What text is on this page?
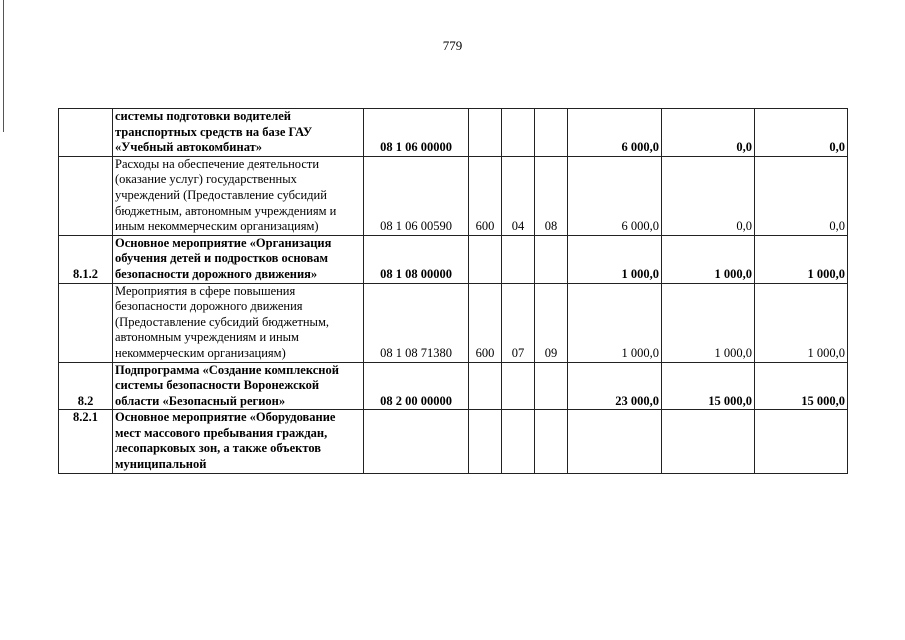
779
	системы подготовки водителей транспортных средств на базе ГАУ «Учебный автокомбинат»	08 1 06 00000				6 000,0	0,0	0,0
	Расходы на обеспечение деятельности (оказание услуг) государственных учреждений (Предоставление субсидий бюджетным, автономным учреждениям и иным некоммерческим организациям)	08 1 06 00590	600	04	08	6 000,0	0,0	0,0
8.1.2	Основное мероприятие «Организация обучения детей и подростков основам безопасности дорожного движения»	08 1 08 00000				1 000,0	1 000,0	1 000,0
	Мероприятия в сфере повышения безопасности дорожного движения (Предоставление субсидий бюджетным, автономным учреждениям и иным некоммерческим организациям)	08 1 08 71380	600	07	09	1 000,0	1 000,0	1 000,0
8.2	Подпрограмма «Создание комплексной системы безопасности Воронежской области «Безопасный регион»	08 2 00 00000				23 000,0	15 000,0	15 000,0
8.2.1	Основное мероприятие «Оборудование мест массового пребывания граждан, лесопарковых зон, а также объектов муниципальной							
